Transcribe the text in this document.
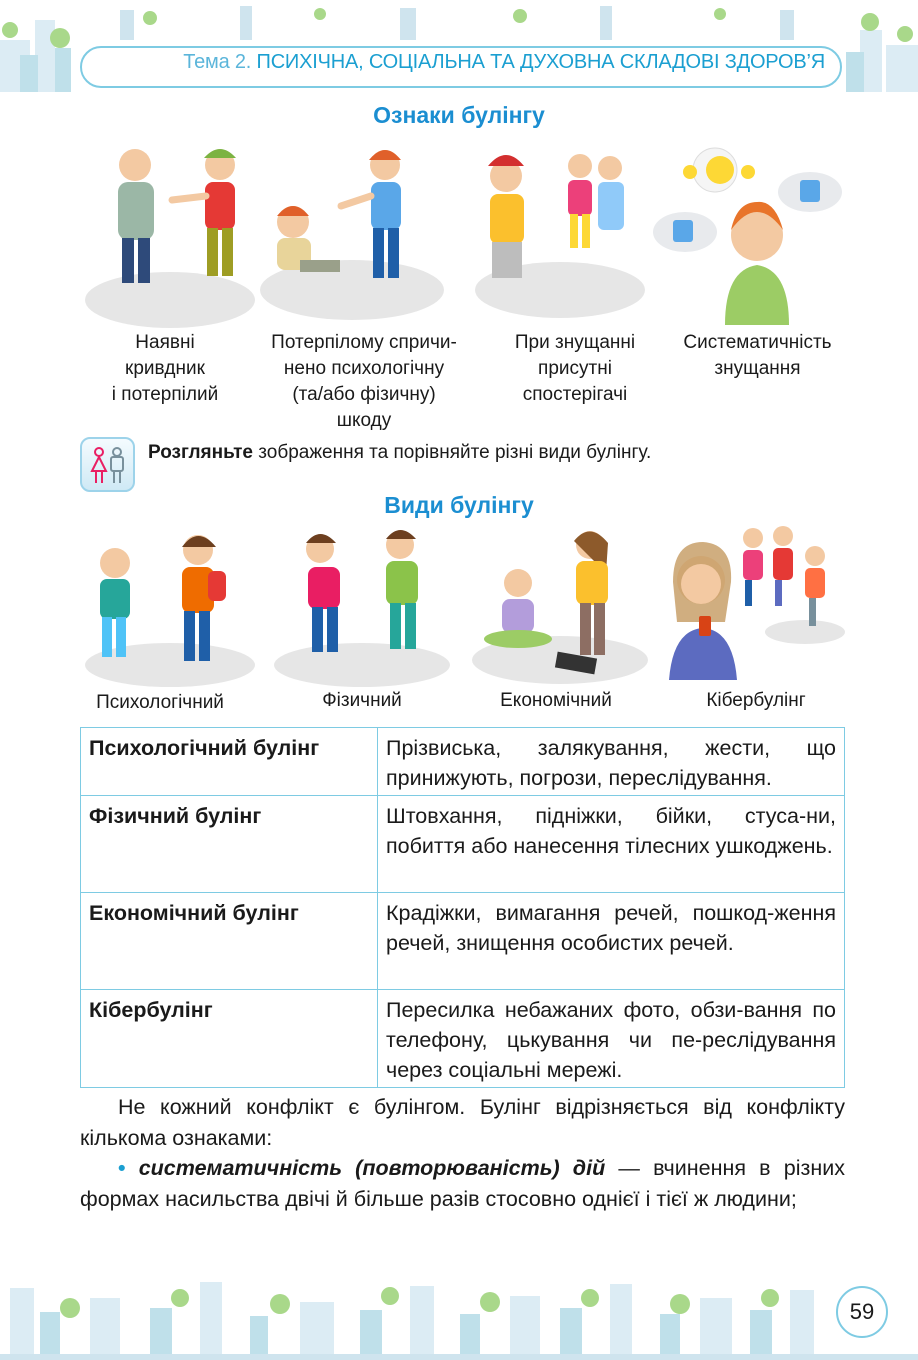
Тема 2. ПСИХІЧНА, СОЦІАЛЬНА ТА ДУХОВНА СКЛАДОВІ ЗДОРОВ’Я
Ознаки булінгу
Наявні
кривдник
і потерпілий
Потерпілому спричи-
нено психологічну
(та/або фізичну)
шкоду
При знущанні
присутні
спостерігачі
Систематичність
знущання
Розгляньте зображення та порівняйте різні види булінгу.
Види булінгу
Психологічний	Фізичний	Економічний	Кібербулінг
Психологічний булінг	Прізвиська, залякування, жести, що принижують, погрози, переслідування.
Фізичний булінг	Штовхання, підніжки, бійки, стуса-ни, побиття або нанесення тілесних ушкоджень.
Економічний булінг	Крадіжки, вимагання речей, пошкод-ження речей, знищення особистих речей.
Кібербулінг	Пересилка небажаних фото, обзи-вання по телефону, цькування чи пе-реслідування через соціальні мережі.
Не кожний конфлікт є булінгом. Булінг відрізняється від конфлікту кількома ознаками:
• систематичність (повторюваність) дій — вчинення в різних формах насильства двічі й більше разів стосовно однієї і тієї ж людини;
59
